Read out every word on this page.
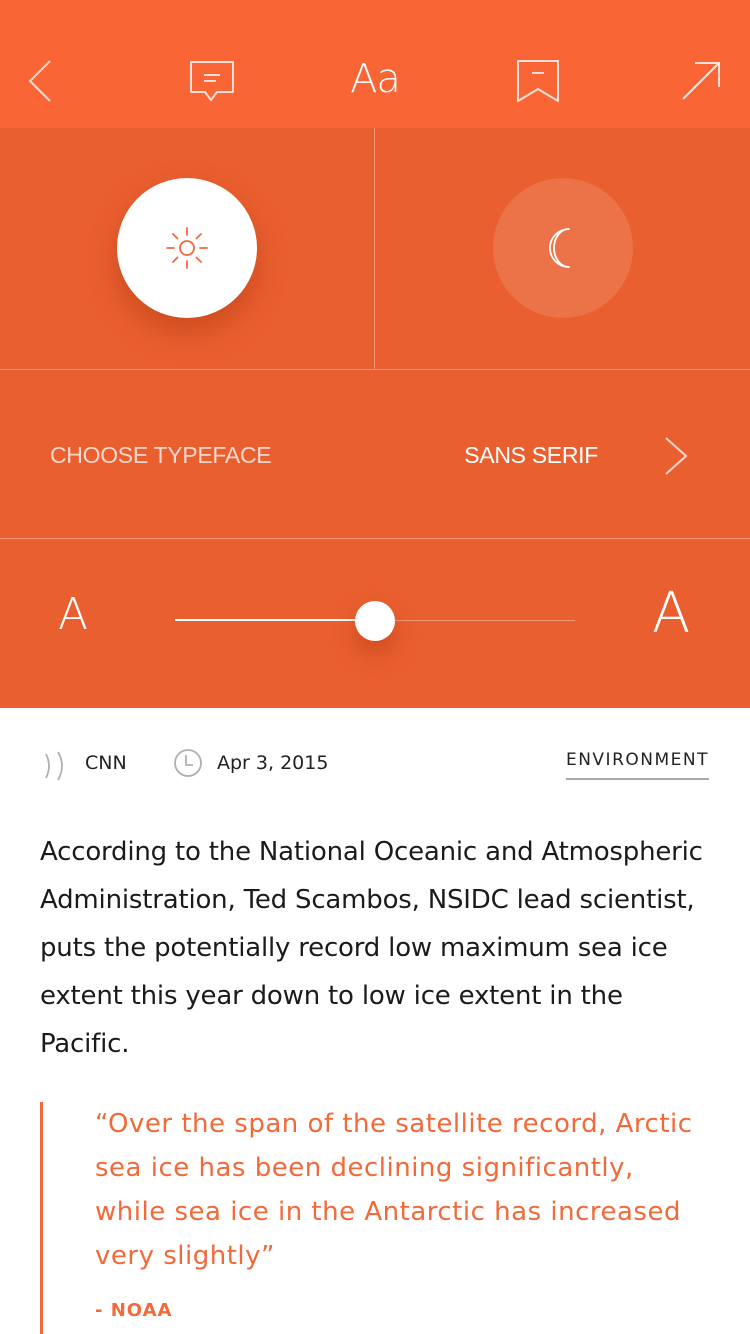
Aa
CHOOSE TYPEFACE	SANS SERIF
A	A
CNN	Apr 3, 2015	ENVIRONMENT

According to the National Oceanic and Atmospheric Administration, Ted Scambos, NSIDC lead scientist, puts the potentially record low maximum sea ice extent this year down to low ice extent in the Pacific.

“Over the span of the satellite record, Arctic sea ice has been declining significantly, while sea ice in the Antarctic has increased very slightly”

- NOAA
